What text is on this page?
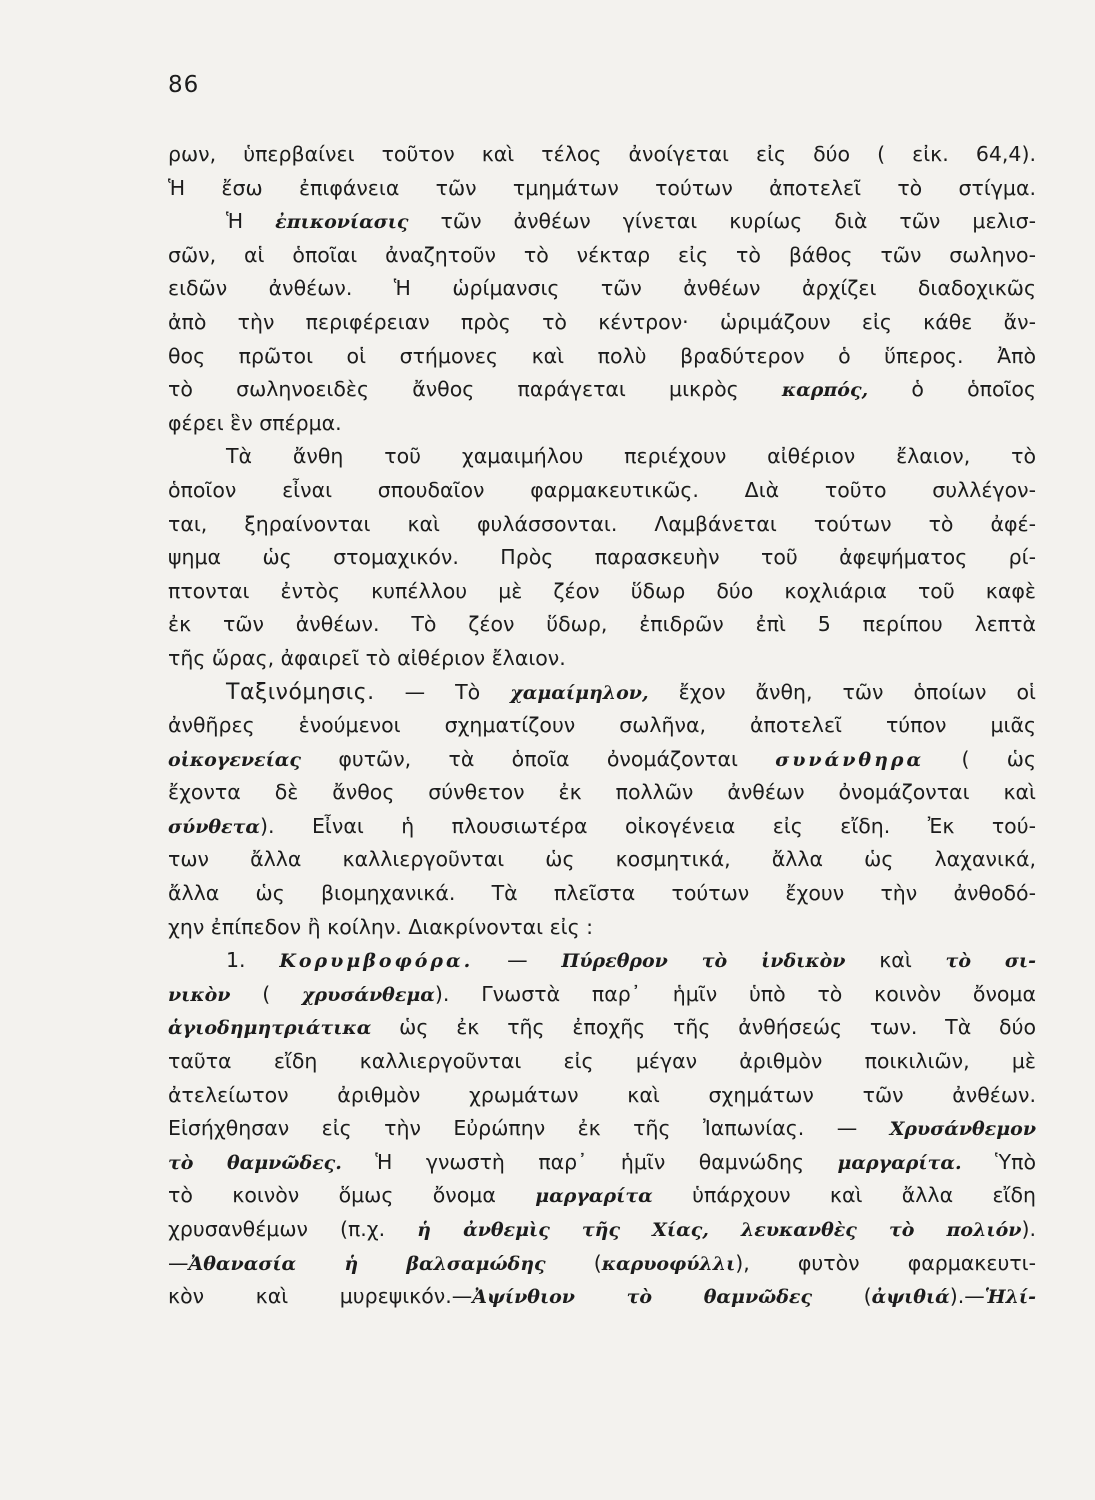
86
ρων, ὑπερβαίνει τοῦτον καὶ τέλος ἀνοίγεται εἰς δύο ( εἰκ. 64,4).
Ἡ ἔσω ἐπιφάνεια τῶν τμημάτων τούτων ἀποτελεῖ τὸ στίγμα.
Ἡ ἐπικονίασις τῶν ἀνθέων γίνεται κυρίως διὰ τῶν μελισ-
σῶν, αἱ ὁποῖαι ἀναζητοῦν τὸ νέκταρ εἰς τὸ βάθος τῶν σωληνο-
ειδῶν ἀνθέων. Ἡ ὡρίμανσις τῶν ἀνθέων ἀρχίζει διαδοχικῶς
ἀπὸ τὴν περιφέρειαν πρὸς τὸ κέντρον· ὡριμάζουν εἰς κάθε ἄν-
θος πρῶτοι οἱ στήμονες καὶ πολὺ βραδύτερον ὁ ὕπερος. Ἀπὸ
τὸ σωληνοειδὲς ἄνθος παράγεται μικρὸς καρπός, ὁ ὁποῖος
φέρει ἓν σπέρμα.
Τὰ ἄνθη τοῦ χαμαιμήλου περιέχουν αἰθέριον ἔλαιον, τὸ
ὁποῖον εἶναι σπουδαῖον φαρμακευτικῶς. Διὰ τοῦτο συλλέγον-
ται, ξηραίνονται καὶ φυλάσσονται. Λαμβάνεται τούτων τὸ ἀφέ-
ψημα ὡς στομαχικόν. Πρὸς παρασκευὴν τοῦ ἀφεψήματος ρί-
πτονται ἐντὸς κυπέλλου μὲ ζέον ὕδωρ δύο κοχλιάρια τοῦ καφὲ
ἐκ τῶν ἀνθέων. Τὸ ζέον ὕδωρ, ἐπιδρῶν ἐπὶ 5 περίπου λεπτὰ
τῆς ὥρας, ἀφαιρεῖ τὸ αἰθέριον ἔλαιον.
Ταξινόμησις. — Τὸ χαμαίμηλον, ἔχον ἄνθη, τῶν ὁποίων οἱ
ἀνθῆρες ἑνούμενοι σχηματίζουν σωλῆνα, ἀποτελεῖ τύπον μιᾶς
οἰκογενείας φυτῶν, τὰ ὁποῖα ὀνομάζονται συνάνθηρα ( ὡς
ἔχοντα δὲ ἄνθος σύνθετον ἐκ πολλῶν ἀνθέων ὀνομάζονται καὶ
σύνθετα). Εἶναι ἡ πλουσιωτέρα οἰκογένεια εἰς εἴδη. Ἐκ τού-
των ἄλλα καλλιεργοῦνται ὡς κοσμητικά, ἄλλα ὡς λαχανικά,
ἄλλα ὡς βιομηχανικά. Τὰ πλεῖστα τούτων ἔχουν τὴν ἀνθοδό-
χην ἐπίπεδον ἢ κοίλην. Διακρίνονται εἰς :
1. Κορυμβοφόρα. — Πύρεθρον τὸ ἰνδικὸν καὶ τὸ σι-
νικὸν ( χρυσάνθεμα). Γνωστὰ παρ᾽ ἡμῖν ὑπὸ τὸ κοινὸν ὄνομα
ἁγιοδημητριάτικα ὡς ἐκ τῆς ἐποχῆς τῆς ἀνθήσεώς των. Τὰ δύο
ταῦτα εἴδη καλλιεργοῦνται εἰς μέγαν ἀριθμὸν ποικιλιῶν, μὲ
ἀτελείωτον ἀριθμὸν χρωμάτων καὶ σχημάτων τῶν ἀνθέων.
Εἰσήχθησαν εἰς τὴν Εὐρώπην ἐκ τῆς Ἰαπωνίας. — Χρυσάνθεμον
τὸ θαμνῶδες. Ἡ γνωστὴ παρ᾽ ἡμῖν θαμνώδης μαργαρίτα. Ὑπὸ
τὸ κοινὸν ὅμως ὄνομα μαργαρίτα ὑπάρχουν καὶ ἄλλα εἴδη
χρυσανθέμων (π.χ. ἡ ἀνθεμὶς τῆς Χίας, λευκανθὲς τὸ πολιόν).
—Ἀθανασία ἡ βαλσαμώδης (καρυοφύλλι), φυτὸν φαρμακευτι-
κὸν καὶ μυρεψικόν.—Ἀψίνθιον τὸ θαμνῶδες (ἀψιθιά).—Ἡλί-
